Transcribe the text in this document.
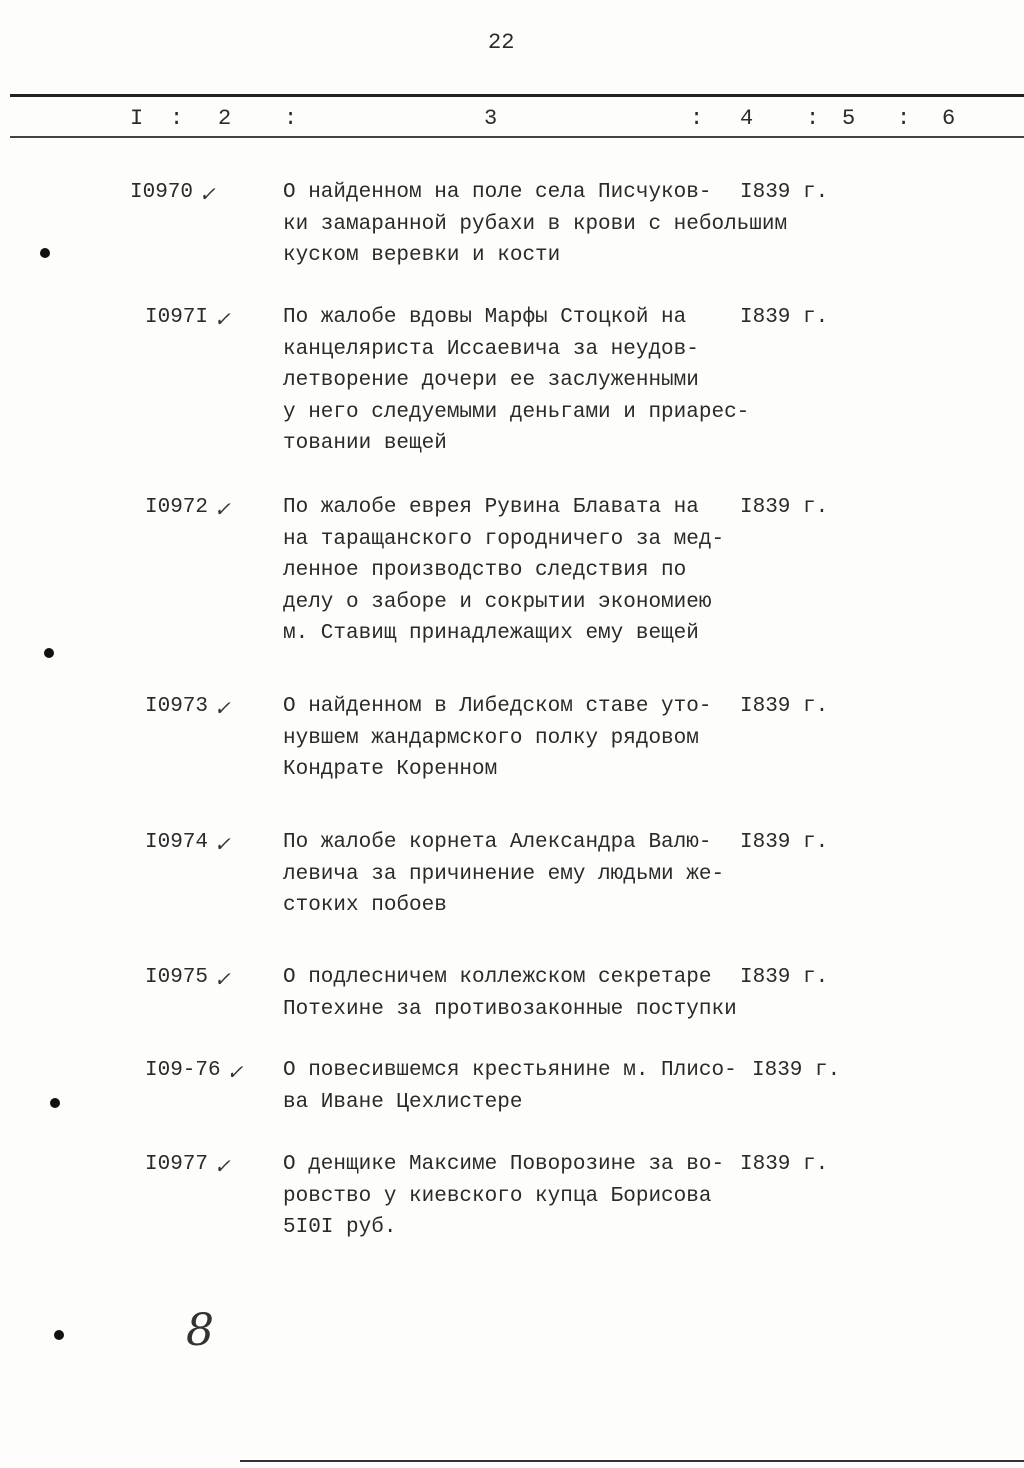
22
I : 2 :	3	: 4 : 5 : 6
I0970 ✓	О найденном на поле села Писчуков-
ки замаранной рубахи в крови с небольшим
куском веревки и кости
I839 г.
I097I ✓ По жалобе вдовы Марфы Стоцкой на
канцеляриста Иссаевича за неудов-
летворение дочери ее заслуженными
у него следуемыми деньгами и приарес-
товании вещей
I839 г.
I0972 ✓ По жалобе еврея Рувина Блавата на
на таращанского городничего за мед-
ленное производство следствия по
делу о заборе и сокрытии экономиею
м. Ставищ принадлежащих ему вещей
I839 г.
I0973 ✓ О найденном в Либедском ставе уто-
нувшем жандармского полку рядовом
Кондрате Коренном
I839 г.
I0974 ✓ По жалобе корнета Александра Валю-
левича за причинение ему людьми же-
стоких побоев
I839 г.
I0975 ✓ О подлесничем коллежском секретаре
Потехине за противозаконные поступки
I839 г.
I09-76 ✓ О повесившемся крестьянине м. Плисо-
ва Иване Цехлистере
I839 г.
I0977 ✓ О денщике Максиме Поворозине за во-
ровство у киевского купца Борисова
5I0I руб.
I839 г.
8
